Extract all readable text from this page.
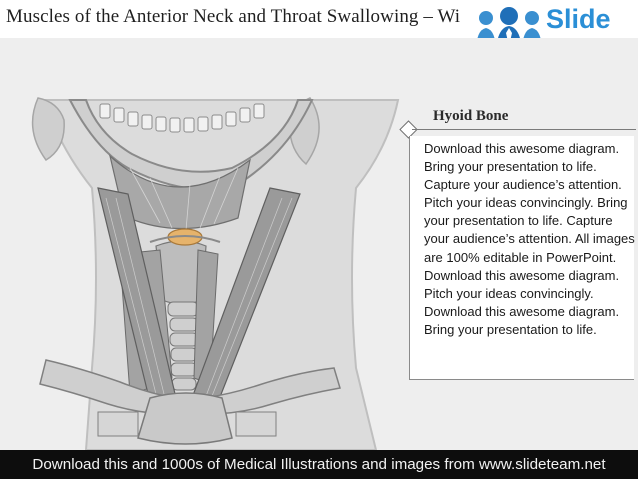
Muscles of the Anterior Neck and Throat Swallowing – Wi	Slide
Hyoid Bone
Download this awesome diagram. Bring your presentation to life. Capture your audience’s attention. Pitch your ideas convincingly. Bring your presentation to life. Capture your audience’s attention. All images are 100% editable in PowerPoint. Download this awesome diagram. Pitch your ideas convincingly. Download this awesome diagram. Bring your presentation to life.
Download this and 1000s of Medical Illustrations and images from www.slideteam.net
